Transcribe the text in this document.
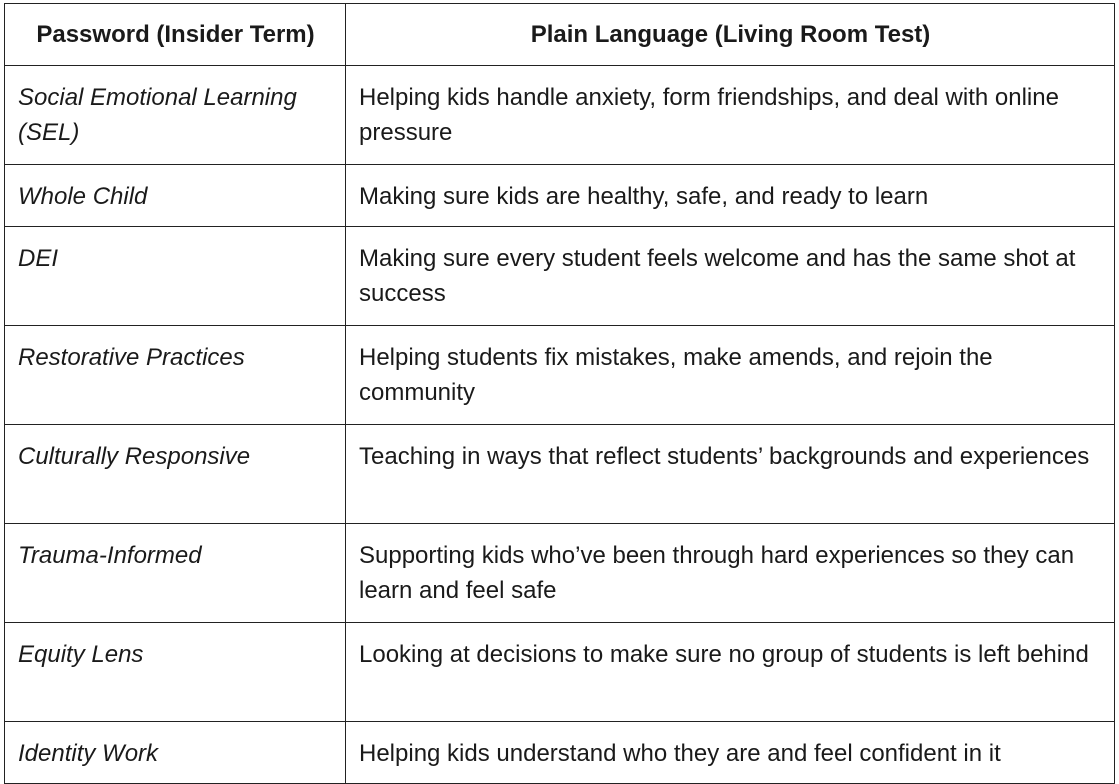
Password (Insider Term)	Plain Language (Living Room Test)
Social Emotional Learning (SEL)	Helping kids handle anxiety, form friendships, and deal with online pressure
Whole Child	Making sure kids are healthy, safe, and ready to learn
DEI	Making sure every student feels welcome and has the same shot at success
Restorative Practices	Helping students fix mistakes, make amends, and rejoin the community
Culturally Responsive	Teaching in ways that reflect students’ backgrounds and experiences
Trauma-Informed	Supporting kids who’ve been through hard experiences so they can learn and feel safe
Equity Lens	Looking at decisions to make sure no group of students is left behind
Identity Work	Helping kids understand who they are and feel confident in it
